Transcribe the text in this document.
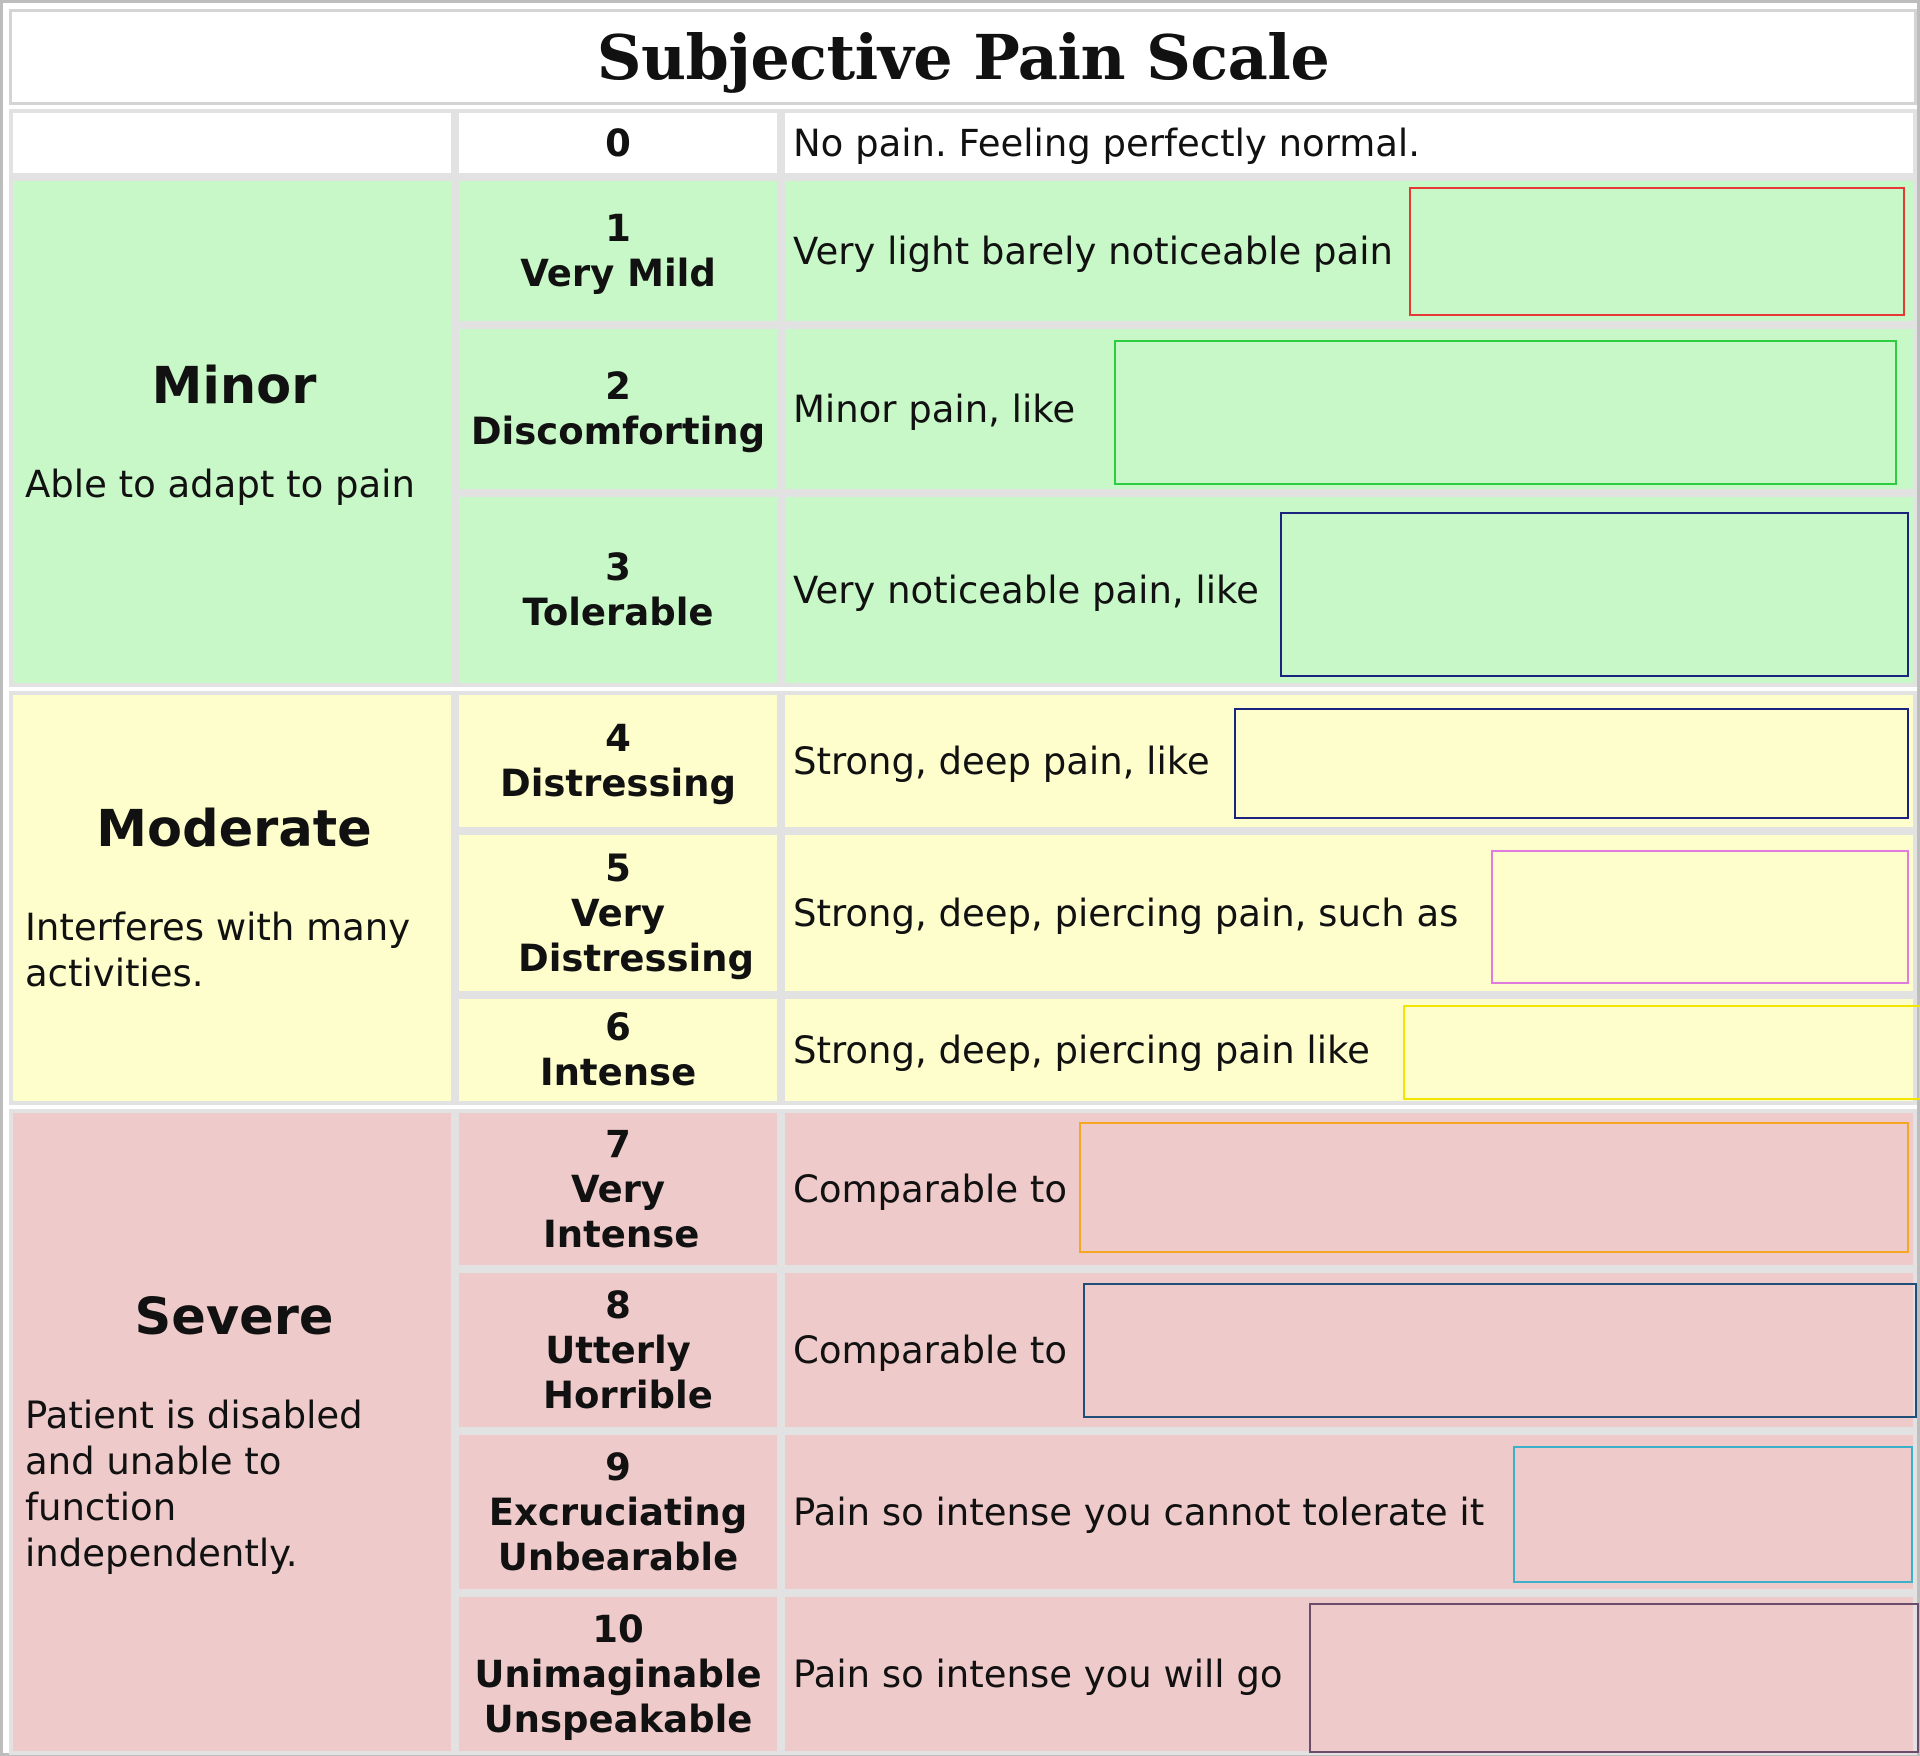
Subjective Pain Scale
0	No pain. Feeling perfectly normal.
Minor
Able to adapt to pain
1
Very Mild
Very light barely noticeable pain
2
Discomforting
Minor pain, like
3
Tolerable
Very noticeable pain, like
Moderate
Interferes with many activities.
4
Distressing
Strong, deep pain, like
5
Very Distressing
Strong, deep, piercing pain, such as
6
Intense
Strong, deep, piercing pain like
Severe
Patient is disabled and unable to function independently.
7
Very Intense
Comparable to
8
Utterly Horrible
Comparable to
9
Excruciating Unbearable
Pain so intense you cannot tolerate it
10
Unimaginable Unspeakable
Pain so intense you will go
